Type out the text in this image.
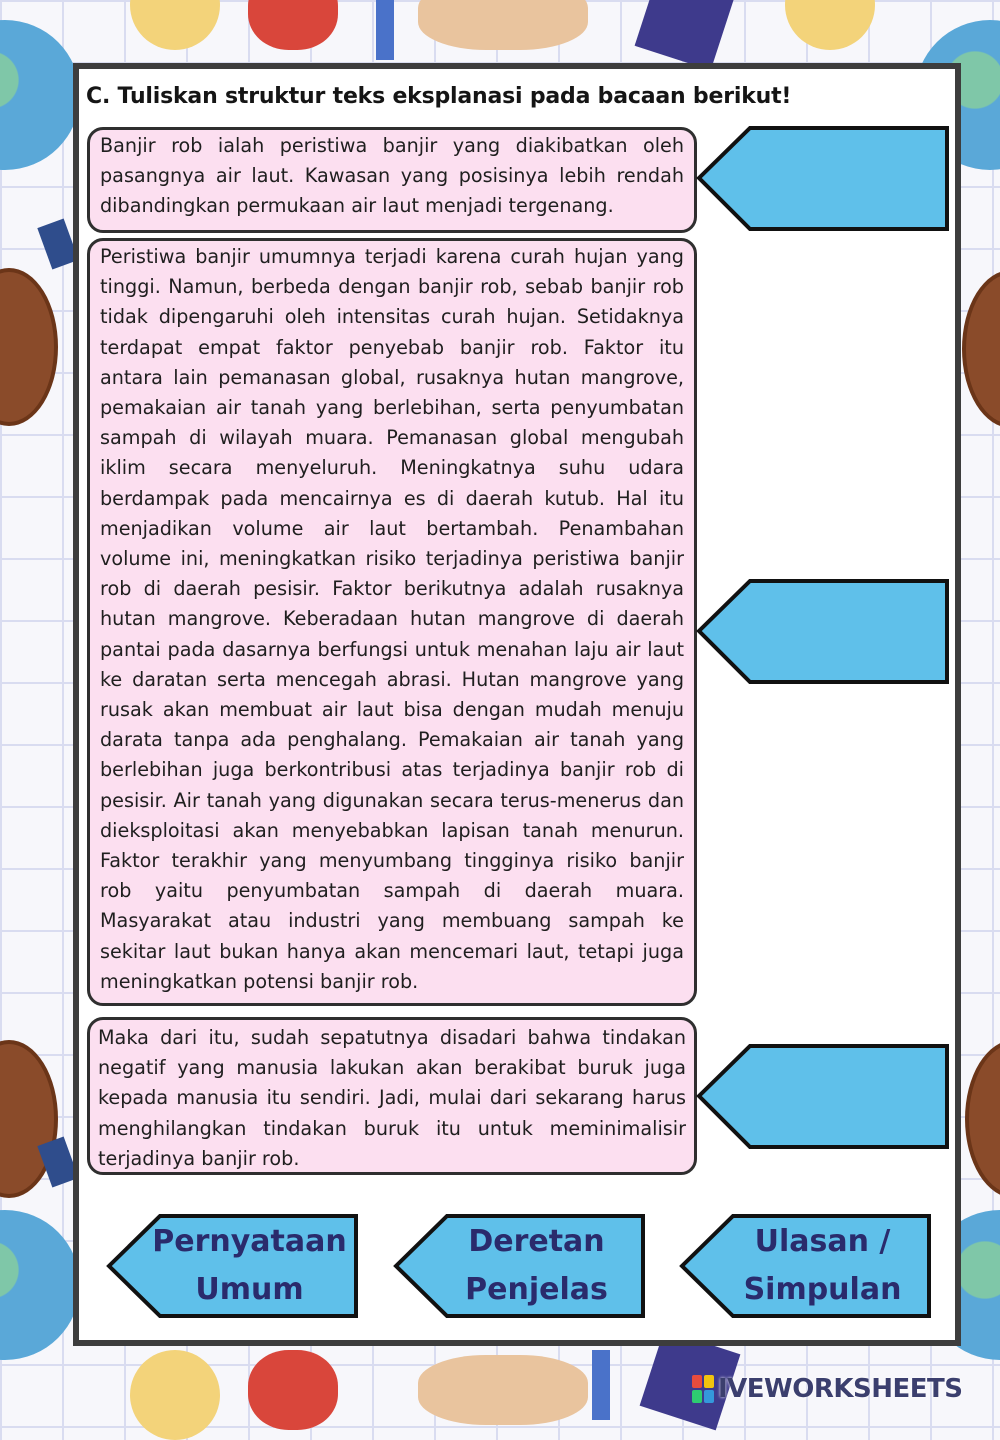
C. Tuliskan struktur teks eksplanasi pada bacaan berikut!

Banjir rob ialah peristiwa banjir yang diakibatkan oleh pasangnya air laut. Kawasan yang posisinya lebih rendah dibandingkan permukaan air laut menjadi tergenang.

Peristiwa banjir umumnya terjadi karena curah hujan yang tinggi. Namun, berbeda dengan banjir rob, sebab banjir rob tidak dipengaruhi oleh intensitas curah hujan. Setidaknya terdapat empat faktor penyebab banjir rob. Faktor itu antara lain pemanasan global, rusaknya hutan mangrove, pemakaian air tanah yang berlebihan, serta penyumbatan sampah di wilayah muara. Pemanasan global mengubah iklim secara menyeluruh. Meningkatnya suhu udara berdampak pada mencairnya es di daerah kutub. Hal itu menjadikan volume air laut bertambah. Penambahan volume ini, meningkatkan risiko terjadinya peristiwa banjir rob di daerah pesisir. Faktor berikutnya adalah rusaknya hutan mangrove. Keberadaan hutan mangrove di daerah pantai pada dasarnya berfungsi untuk menahan laju air laut ke daratan serta mencegah abrasi. Hutan mangrove yang rusak akan membuat air laut bisa dengan mudah menuju darata tanpa ada penghalang. Pemakaian air tanah yang berlebihan juga berkontribusi atas terjadinya banjir rob di pesisir. Air tanah yang digunakan secara terus-menerus dan dieksploitasi akan menyebabkan lapisan tanah menurun. Faktor terakhir yang menyumbang tingginya risiko banjir rob yaitu penyumbatan sampah di daerah muara. Masyarakat atau industri yang membuang sampah ke sekitar laut bukan hanya akan mencemari laut, tetapi juga meningkatkan potensi banjir rob.

Maka dari itu, sudah sepatutnya disadari bahwa tindakan negatif yang manusia lakukan akan berakibat buruk juga kepada manusia itu sendiri. Jadi, mulai dari sekarang harus menghilangkan tindakan buruk itu untuk meminimalisir terjadinya banjir rob.

Pernyataan
Umum
Deretan
Penjelas
Ulasan /
Simpulan
IVEWORKSHEETS
